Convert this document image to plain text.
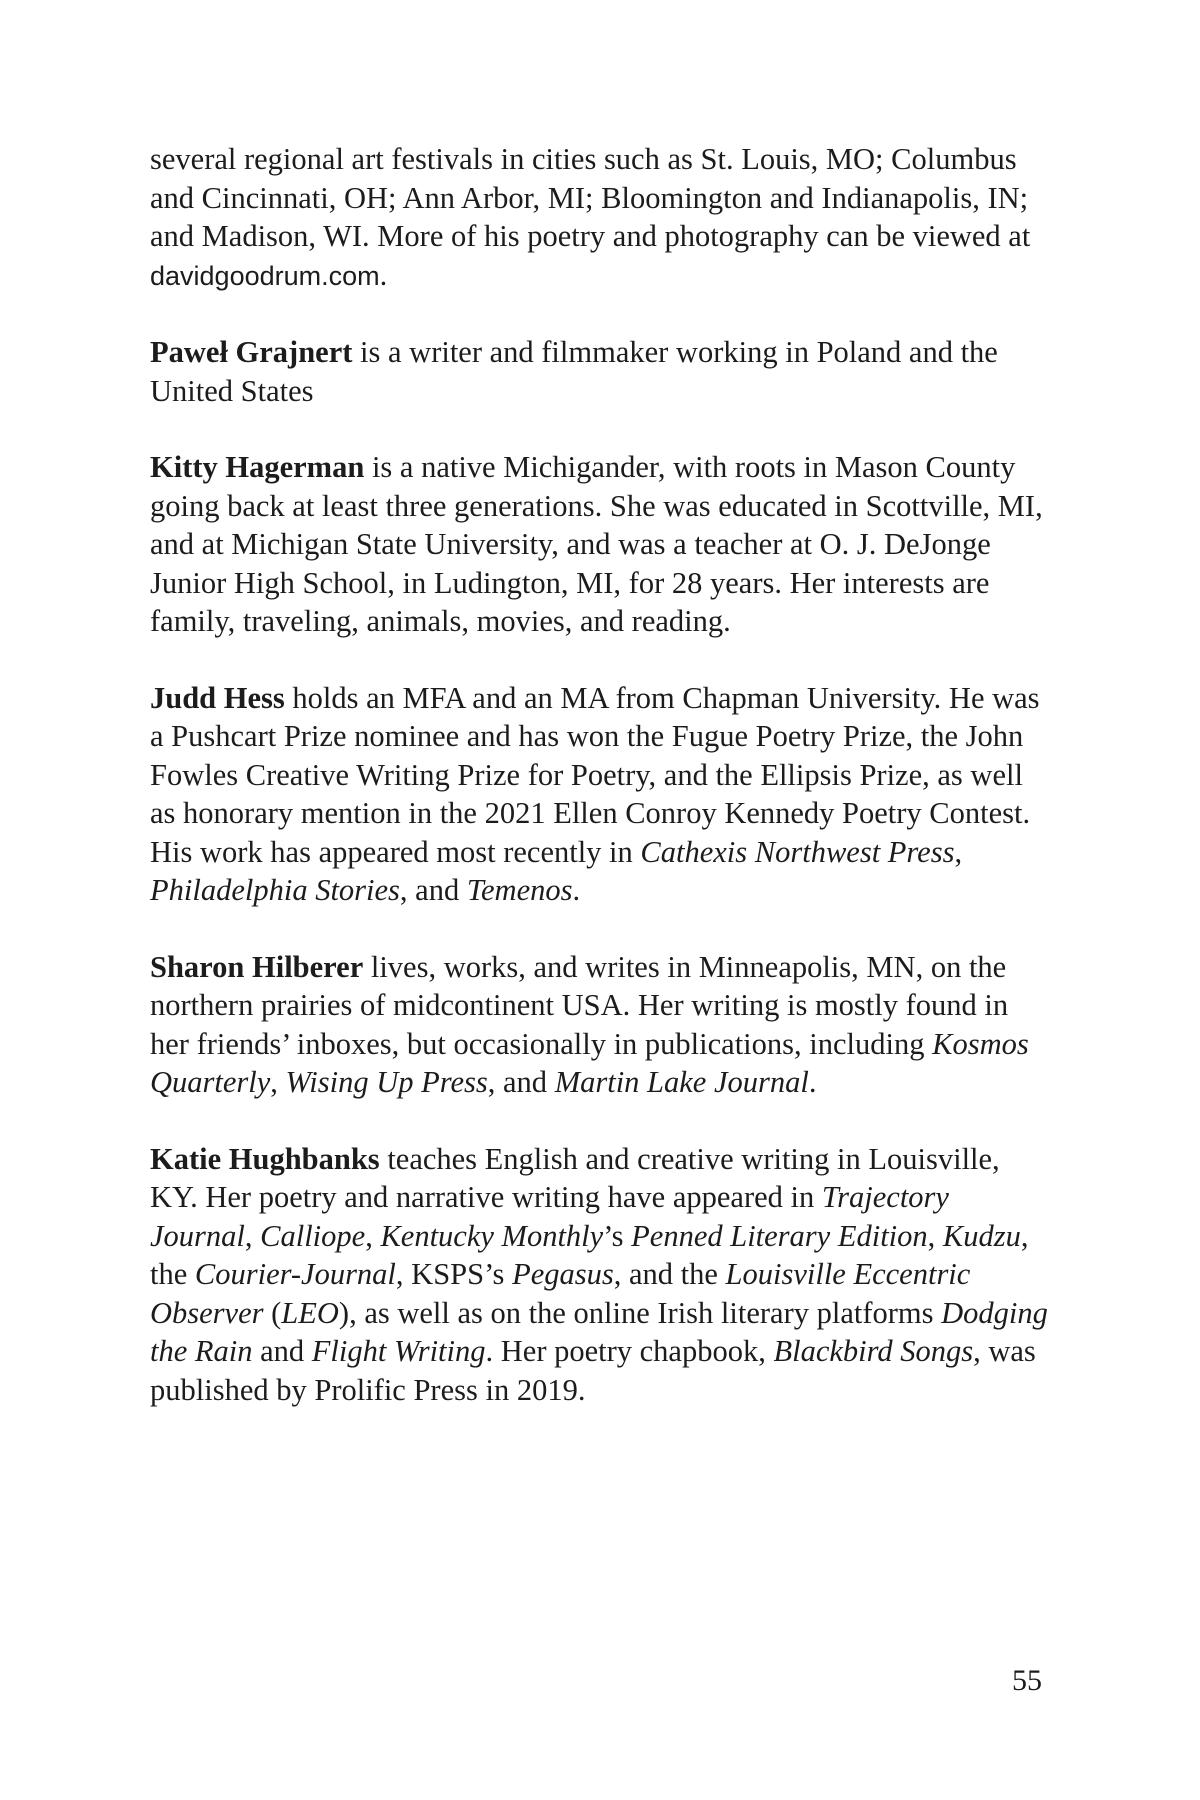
several regional art festivals in cities such as St. Louis, MO; Columbus and Cincinnati, OH; Ann Arbor, MI; Bloomington and Indianapolis, IN; and Madison, WI. More of his poetry and photography can be viewed at davidgoodrum.com.

Paweł Grajnert is a writer and filmmaker working in Poland and the United States

Kitty Hagerman is a native Michigander, with roots in Mason County going back at least three generations. She was educated in Scottville, MI, and at Michigan State University, and was a teacher at O. J. DeJonge Junior High School, in Ludington, MI, for 28 years. Her interests are family, traveling, animals, movies, and reading.

Judd Hess holds an MFA and an MA from Chapman University. He was a Pushcart Prize nominee and has won the Fugue Poetry Prize, the John Fowles Creative Writing Prize for Poetry, and the Ellipsis Prize, as well as honorary mention in the 2021 Ellen Conroy Kennedy Poetry Contest. His work has appeared most recently in Cathexis Northwest Press, Philadelphia Stories, and Temenos.

Sharon Hilberer lives, works, and writes in Minneapolis, MN, on the northern prairies of midcontinent USA. Her writing is mostly found in her friends’ inboxes, but occasionally in publications, including Kosmos Quarterly, Wising Up Press, and Martin Lake Journal.

Katie Hughbanks teaches English and creative writing in Louisville, KY. Her poetry and narrative writing have appeared in Trajectory Journal, Calliope, Kentucky Monthly’s Penned Literary Edition, Kudzu, the Courier-Journal, KSPS’s Pegasus, and the Louisville Eccentric Observer (LEO), as well as on the online Irish literary platforms Dodging the Rain and Flight Writing. Her poetry chapbook, Blackbird Songs, was published by Prolific Press in 2019.

55
